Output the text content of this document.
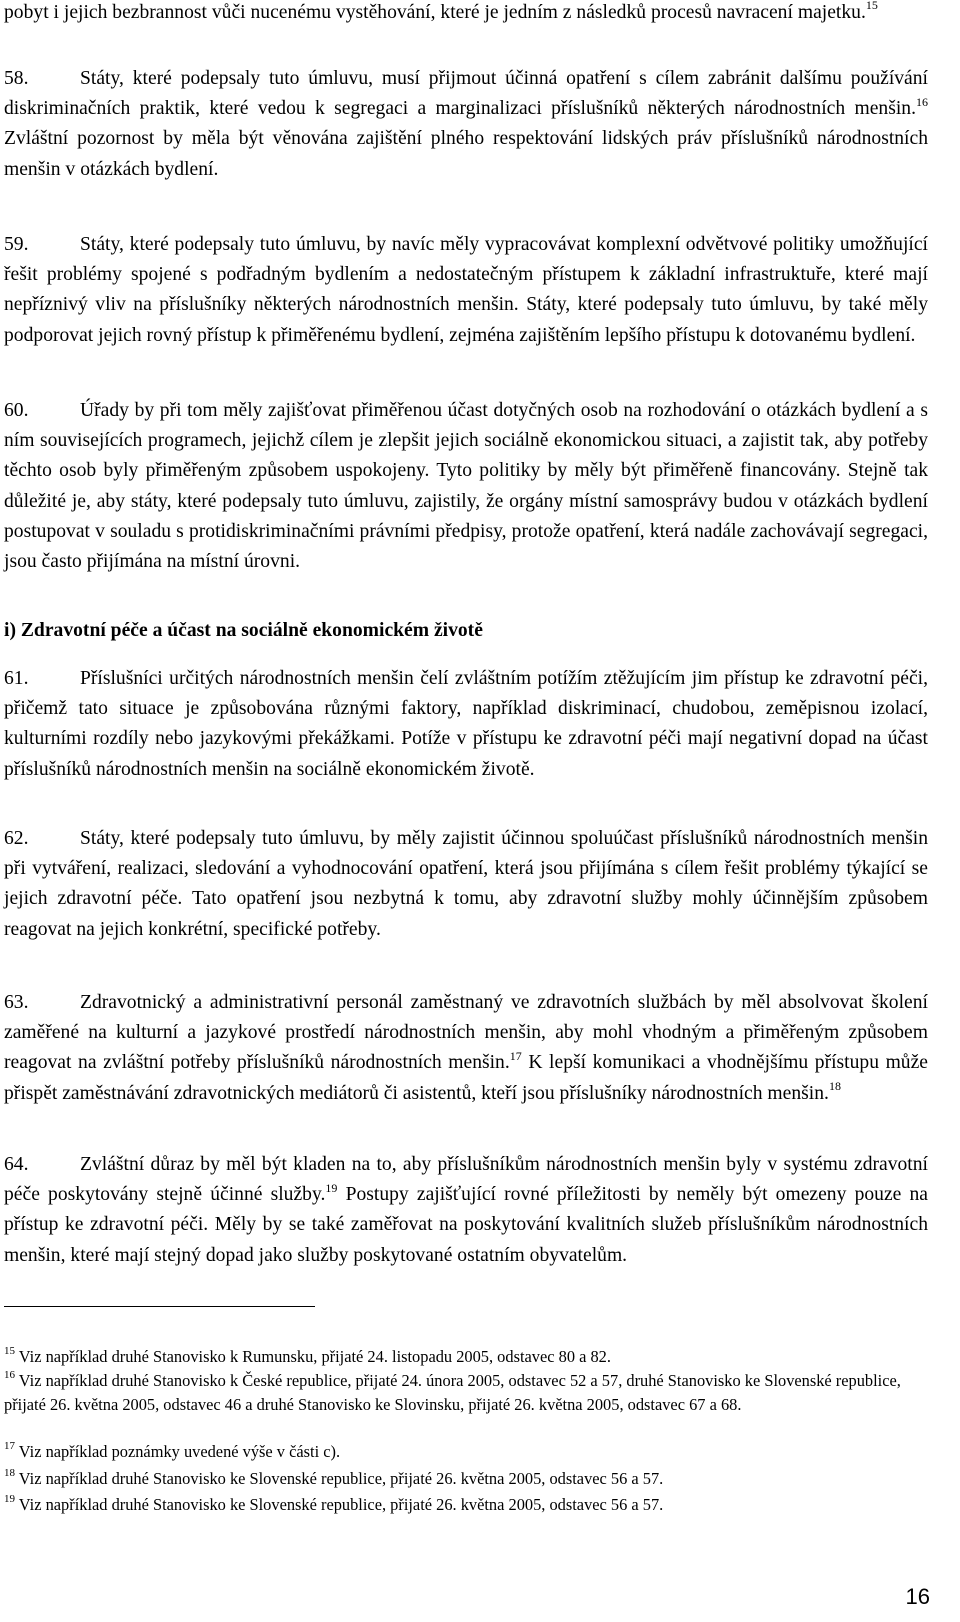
pobyt i jejich bezbrannost vůči nucenému vystěhování, které je jedním z následků procesů navracení majetku.$^{15}$

58.	Státy, které podepsaly tuto úmluvu, musí přijmout účinná opatření s cílem zabránit dalšímu používání diskriminačních praktik, které vedou k segregaci a marginalizaci příslušníků některých národnostních menšin.$^{16}$ Zvláštní pozornost by měla být věnována zajištění plného respektování lidských práv příslušníků národnostních menšin v otázkách bydlení.

59.	Státy, které podepsaly tuto úmluvu, by navíc měly vypracovávat komplexní odvětvové politiky umožňující řešit problémy spojené s podřadným bydlením a nedostatečným přístupem k základní infrastruktuře, které mají nepříznivý vliv na příslušníky některých národnostních menšin. Státy, které podepsaly tuto úmluvu, by také měly podporovat jejich rovný přístup k přiměřenému bydlení, zejména zajištěním lepšího přístupu k dotovanému bydlení.

60.	Úřady by při tom měly zajišťovat přiměřenou účast dotyčných osob na rozhodování o otázkách bydlení a s ním souvisejících programech, jejichž cílem je zlepšit jejich sociálně ekonomickou situaci, a zajistit tak, aby potřeby těchto osob byly přiměřeným způsobem uspokojeny. Tyto politiky by měly být přiměřeně financovány. Stejně tak důležité je, aby státy, které podepsaly tuto úmluvu, zajistily, že orgány místní samosprávy budou v otázkách bydlení postupovat v souladu s protidiskriminačními právními předpisy, protože opatření, která nadále zachovávají segregaci, jsou často přijímána na místní úrovni.

i) Zdravotní péče a účast na sociálně ekonomickém životě

61.	Příslušníci určitých národnostních menšin čelí zvláštním potížím ztěžujícím jim přístup ke zdravotní péči, přičemž tato situace je způsobována různými faktory, například diskriminací, chudobou, zeměpisnou izolací, kulturními rozdíly nebo jazykovými překážkami. Potíže v přístupu ke zdravotní péči mají negativní dopad na účast příslušníků národnostních menšin na sociálně ekonomickém životě.

62.	Státy, které podepsaly tuto úmluvu, by měly zajistit účinnou spoluúčast příslušníků národnostních menšin při vytváření, realizaci, sledování a vyhodnocování opatření, která jsou přijímána s cílem řešit problémy týkající se jejich zdravotní péče. Tato opatření jsou nezbytná k tomu, aby zdravotní služby mohly účinnějším způsobem reagovat na jejich konkrétní, specifické potřeby.

63.	Zdravotnický a administrativní personál zaměstnaný ve zdravotních službách by měl absolvovat školení zaměřené na kulturní a jazykové prostředí národnostních menšin, aby mohl vhodným a přiměřeným způsobem reagovat na zvláštní potřeby příslušníků národnostních menšin.$^{17}$ K lepší komunikaci a vhodnějšímu přístupu může přispět zaměstnávání zdravotnických mediátorů či asistentů, kteří jsou příslušníky národnostních menšin.$^{18}$

64.	Zvláštní důraz by měl být kladen na to, aby příslušníkům národnostních menšin byly v systému zdravotní péče poskytovány stejně účinné služby.$^{19}$ Postupy zajišťující rovné příležitosti by neměly být omezeny pouze na přístup ke zdravotní péči. Měly by se také zaměřovat na poskytování kvalitních služeb příslušníkům národnostních menšin, které mají stejný dopad jako služby poskytované ostatním obyvatelům.

$^{15}$ Viz například druhé Stanovisko k Rumunsku, přijaté 24. listopadu 2005, odstavec 80 a 82.

$^{16}$ Viz například druhé Stanovisko k České republice, přijaté 24. února 2005, odstavec 52 a 57, druhé Stanovisko ke Slovenské republice, přijaté 26. května 2005, odstavec 46 a druhé Stanovisko ke Slovinsku, přijaté 26. května 2005, odstavec 67 a 68.

$^{17}$ Viz například poznámky uvedené výše v části c).

$^{18}$ Viz například druhé Stanovisko ke Slovenské republice, přijaté 26. května 2005, odstavec 56 a 57.

$^{19}$ Viz například druhé Stanovisko ke Slovenské republice, přijaté 26. května 2005, odstavec 56 a 57.

16
